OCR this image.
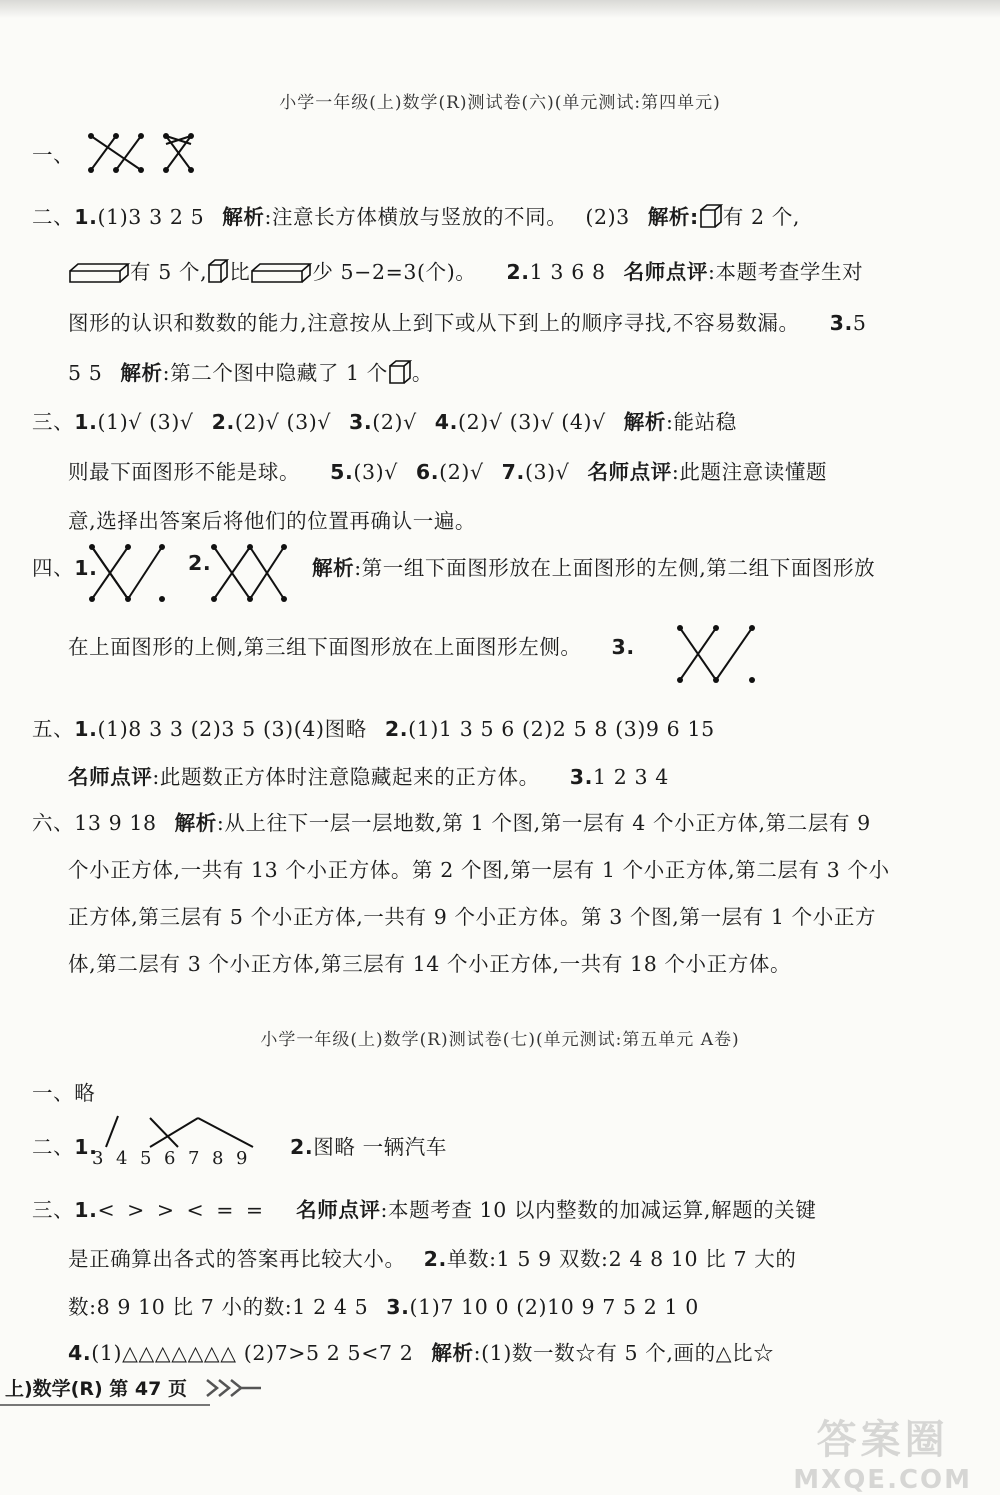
小学一年级(上)数学(R)测试卷(六)(单元测试:第四单元)
一、
二、1.(1)3 3 2 5 解析:注意长方体横放与竖放的不同。 (2)3 解析: 有 2 个,
有 5 个, 比	少 5−2=3(个)。 2.1 3 6 8 名师点评:本题考查学生对
图形的认识和数数的能力,注意按从上到下或从下到上的顺序寻找,不容易数漏。 3.5
5 5 解析:第二个图中隐藏了 1 个 。
三、1.(1)√ (3)√ 2.(2)√ (3)√ 3.(2)√ 4.(2)√ (3)√ (4)√ 解析:能站稳
则最下面图形不能是球。 5.(3)√ 6.(2)√ 7.(3)√ 名师点评:此题注意读懂题
意,选择出答案后将他们的位置再确认一遍。
四、1.	2.	解析:第一组下面图形放在上面图形的左侧,第二组下面图形放
在上面图形的上侧,第三组下面图形放在上面图形左侧。 3.
五、1.(1)8 3 3 (2)3 5 (3)(4)图略 2.(1)1 3 5 6 (2)2 5 8 (3)9 6 15
名师点评:此题数正方体时注意隐藏起来的正方体。 3.1 2 3 4
六、13 9 18 解析:从上往下一层一层地数,第 1 个图,第一层有 4 个小正方体,第二层有 9
个小正方体,一共有 13 个小正方体。第 2 个图,第一层有 1 个小正方体,第二层有 3 个小
正方体,第三层有 5 个小正方体,一共有 9 个小正方体。第 3 个图,第一层有 1 个小正方
体,第二层有 3 个小正方体,第三层有 14 个小正方体,一共有 18 个小正方体。
小学一年级(上)数学(R)测试卷(七)(单元测试:第五单元 A卷)
一、略
二、1.
3 4 5 6 7 8 9	2.图略 一辆汽车
三、1.< > > < = = 名师点评:本题考查 10 以内整数的加减运算,解题的关键
是正确算出各式的答案再比较大小。 2.单数:1 5 9 双数:2 4 8 10 比 7 大的
数:8 9 10 比 7 小的数:1 2 4 5 3.(1)7 10 0 (2)10 9 7 5 2 1 0
4.(1)△△△△△△△ (2)7>5 2 5<7 2 解析:(1)数一数☆有 5 个,画的△比☆
上)数学(R) 第 47 页
答案圈
MXQE.COM
